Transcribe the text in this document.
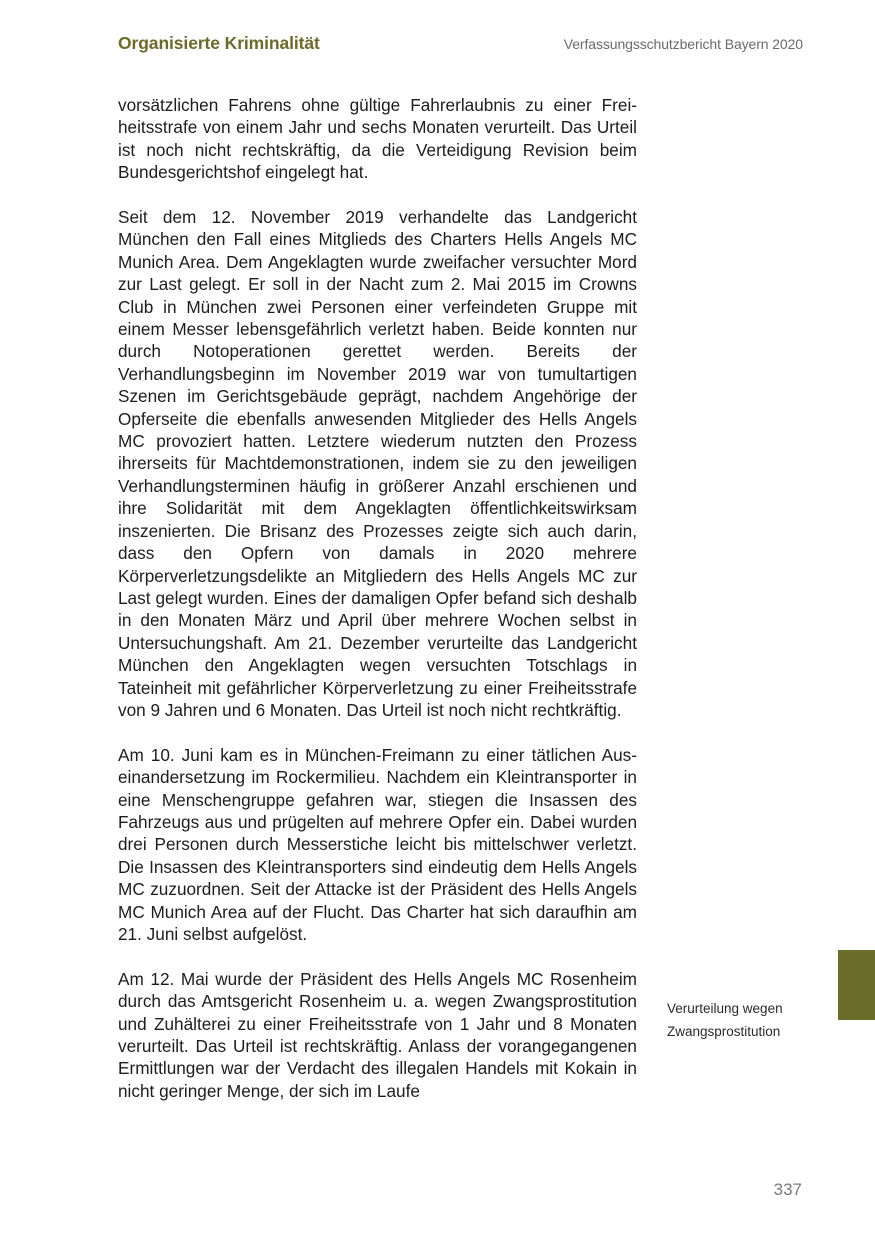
Organisierte Kriminalität	Verfassungsschutzbericht Bayern 2020

vorsätzlichen Fahrens ohne gültige Fahrerlaubnis zu einer Freiheitsstrafe von einem Jahr und sechs Monaten verurteilt. Das Urteil ist noch nicht rechtskräftig, da die Verteidigung Revision beim Bundesgerichtshof eingelegt hat.

Seit dem 12. November 2019 verhandelte das Landgericht München den Fall eines Mitglieds des Charters Hells Angels MC Munich Area. Dem Angeklagten wurde zweifacher versuchter Mord zur Last gelegt. Er soll in der Nacht zum 2. Mai 2015 im Crowns Club in München zwei Personen einer verfeindeten Gruppe mit einem Messer lebensgefährlich verletzt haben. Beide konnten nur durch Notoperationen gerettet werden. Bereits der Verhandlungsbeginn im November 2019 war von tumultartigen Szenen im Gerichtsgebäude geprägt, nachdem Angehörige der Opferseite die ebenfalls anwesenden Mitglieder des Hells Angels MC provoziert hatten. Letztere wiederum nutzten den Prozess ihrerseits für Machtdemonstrationen, indem sie zu den jeweiligen Verhandlungsterminen häufig in größerer Anzahl erschienen und ihre Solidarität mit dem Angeklagten öffentlichkeitswirksam inszenierten. Die Brisanz des Prozesses zeigte sich auch darin, dass den Opfern von damals in 2020 mehrere Körperverletzungsdelikte an Mitgliedern des Hells Angels MC zur Last gelegt wurden. Eines der damaligen Opfer befand sich deshalb in den Monaten März und April über mehrere Wochen selbst in Untersuchungshaft. Am 21. Dezember verurteilte das Landgericht München den Angeklagten wegen versuchten Totschlags in Tateinheit mit gefährlicher Körperverletzung zu einer Freiheitsstrafe von 9 Jahren und 6 Monaten. Das Urteil ist noch nicht rechtkräftig.

Am 10. Juni kam es in München-Freimann zu einer tätlichen Auseinandersetzung im Rockermilieu. Nachdem ein Kleintransporter in eine Menschengruppe gefahren war, stiegen die Insassen des Fahrzeugs aus und prügelten auf mehrere Opfer ein. Dabei wurden drei Personen durch Messerstiche leicht bis mittelschwer verletzt. Die Insassen des Kleintransporters sind eindeutig dem Hells Angels MC zuzuordnen. Seit der Attacke ist der Präsident des Hells Angels MC Munich Area auf der Flucht. Das Charter hat sich daraufhin am 21. Juni selbst aufgelöst.

Am 12. Mai wurde der Präsident des Hells Angels MC Rosenheim durch das Amtsgericht Rosenheim u. a. wegen Zwangsprostitution und Zuhälterei zu einer Freiheitsstrafe von 1 Jahr und 8 Monaten verurteilt. Das Urteil ist rechtskräftig. Anlass der vorangegangenen Ermittlungen war der Verdacht des illegalen Handels mit Kokain in nicht geringer Menge, der sich im Laufe

Verurteilung wegen
Zwangsprostitution
337
